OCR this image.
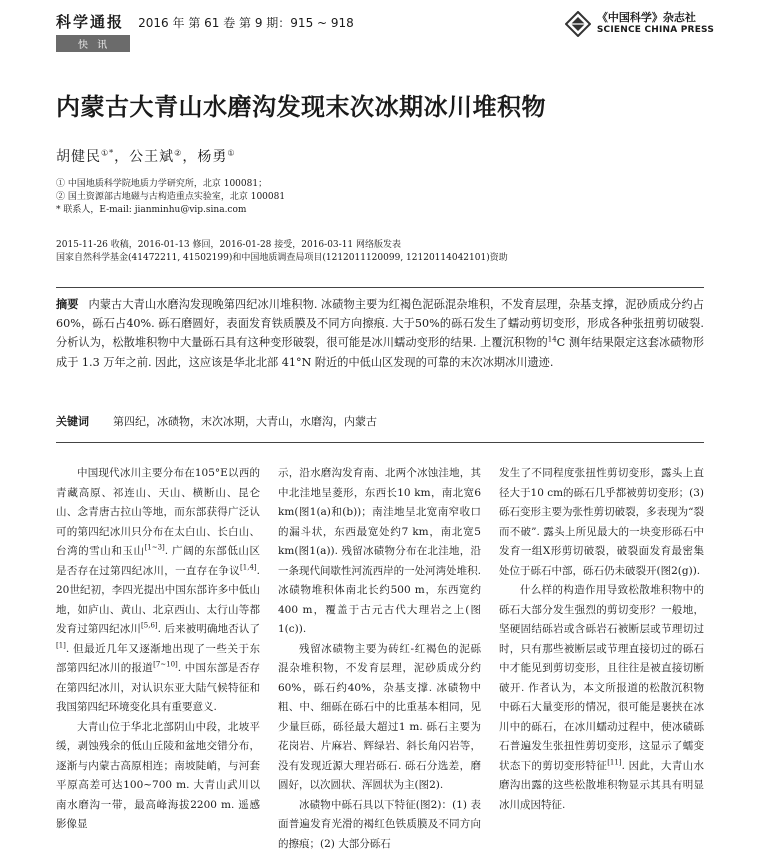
科学通报 2016 年 第 61 卷 第 9 期：915 ~ 918
快 讯
《中国科学》杂志社
SCIENCE CHINA PRESS
内蒙古大青山水磨沟发现末次冰期冰川堆积物
胡健民①*，公王斌②，杨勇①
① 中国地质科学院地质力学研究所，北京 100081；
② 国土资源部古地磁与古构造重点实验室，北京 100081
* 联系人，E-mail: jianminhu@vip.sina.com
2015-11-26 收稿，2016-01-13 修回，2016-01-28 接受，2016-03-11 网络版发表
国家自然科学基金(41472211, 41502199)和中国地质调查局项目(1212011120099, 12120114042101)资助
摘要 内蒙古大青山水磨沟发现晚第四纪冰川堆积物. 冰碛物主要为红褐色泥砾混杂堆积，不发育层理，杂基支撑，泥砂质成分约占60%，砾石占40%. 砾石磨圆好，表面发育铁质膜及不同方向擦痕. 大于50%的砾石发生了蠕动剪切变形，形成各种张扭剪切破裂. 分析认为，松散堆积物中大量砾石具有这种变形破裂，很可能是冰川蠕动变形的结果. 上覆沉积物的$^{14}$C 测年结果限定这套冰碛物形成于 1.3 万年之前. 因此，这应该是华北北部 41°N 附近的中低山区发现的可靠的末次冰期冰川遗迹.
关键词 第四纪，冰碛物，末次冰期，大青山，水磨沟，内蒙古

中国现代冰川主要分布在105°E以西的青藏高原、祁连山、天山、横断山、昆仑山、念青唐古拉山等地，而东部获得广泛认可的第四纪冰川只分布在太白山、长白山、台湾的雪山和玉山[1~3]. 广阔的东部低山区是否存在过第四纪冰川，一直存在争议[1,4]. 20世纪初，李四光提出中国东部许多中低山地，如庐山、黄山、北京西山、太行山等都发育过第四纪冰川[5,6]. 后来被明确地否认了[1]. 但最近几年又逐渐地出现了一些关于东部第四纪冰川的报道[7~10]. 中国东部是否存在第四纪冰川，对认识东亚大陆气候特征和我国第四纪环境变化具有重要意义.

大青山位于华北北部阴山中段，北坡平缓，剥蚀残余的低山丘陵和盆地交错分布，逐渐与内蒙古高原相连；南坡陡峭，与河套平原高差可达100~700 m. 大青山武川以南水磨沟一带，最高峰海拔2200 m. 遥感影像显

示，沿水磨沟发育南、北两个冰蚀洼地，其中北洼地呈菱形，东西长10 km，南北宽6 km(图1(a)和(b))；南洼地呈北宽南窄收口的漏斗状，东西最宽处约7 km，南北宽5 km(图1(a)). 残留冰碛物分布在北洼地，沿一条现代间歇性河流西岸的一处河湾处堆积. 冰碛物堆积体南北长约500 m，东西宽约400 m，覆盖于古元古代大理岩之上(图1(c)).

残留冰碛物主要为砖红-红褐色的泥砾混杂堆积物，不发育层理，泥砂质成分约60%，砾石约40%，杂基支撑. 冰碛物中粗、中、细砾在砾石中的比重基本相同，见少量巨砾，砾径最大超过1 m. 砾石主要为花岗岩、片麻岩、辉绿岩、斜长角闪岩等，没有发现近源大理岩砾石. 砾石分选差，磨圆好，以次圆状、浑圆状为主(图2).

冰碛物中砾石具以下特征(图2)：(1) 表面普遍发育光滑的褐红色铁质膜及不同方向的擦痕；(2) 大部分砾石

发生了不同程度张扭性剪切变形，露头上直径大于10 cm的砾石几乎都被剪切变形；(3) 砾石变形主要为张性剪切破裂，多表现为“裂而不破”. 露头上所见最大的一块变形砾石中发育一组X形剪切破裂，破裂面发育最密集处位于砾石中部，砾石仍未破裂开(图2(g)).

什么样的构造作用导致松散堆积物中的砾石大部分发生强烈的剪切变形？一般地，坚硬固结砾岩或含砾岩石被断层或节理切过时，只有那些被断层或节理直接切过的砾石中才能见到剪切变形，且往往是被直接切断破开. 作者认为，本文所报道的松散沉积物中砾石大量变形的情况，很可能是裹挟在冰川中的砾石，在冰川蠕动过程中，使冰碛砾石普遍发生张扭性剪切变形，这显示了蠕变状态下的剪切变形特征[11]. 因此，大青山水磨沟出露的这些松散堆积物显示其具有明显冰川成因特征.
